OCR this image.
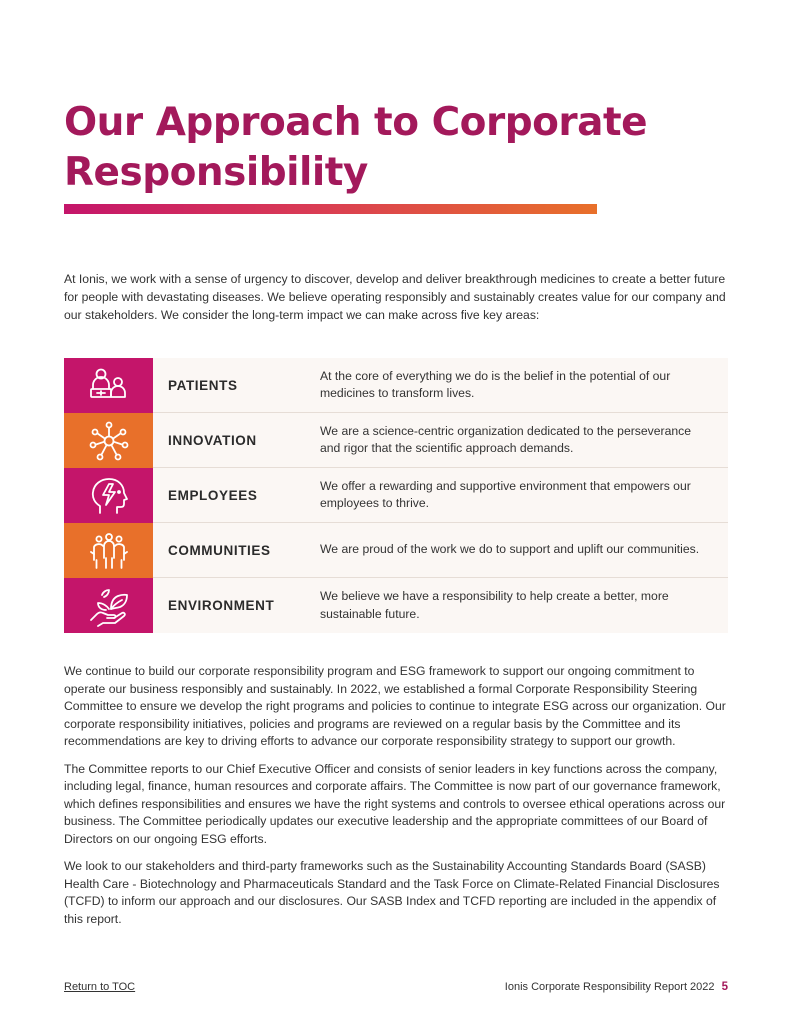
Our Approach to Corporate Responsibility

At Ionis, we work with a sense of urgency to discover, develop and deliver breakthrough medicines to create a better future for people with devastating diseases. We believe operating responsibly and sustainably creates value for our company and our stakeholders. We consider the long-term impact we can make across five key areas:

PATIENTS
At the core of everything we do is the belief in the potential of our medicines to transform lives.
INNOVATION
We are a science-centric organization dedicated to the perseverance and rigor that the scientific approach demands.
EMPLOYEES
We offer a rewarding and supportive environment that empowers our employees to thrive.
COMMUNITIES	We are proud of the work we do to support and uplift our communities.
ENVIRONMENT
We believe we have a responsibility to help create a better, more sustainable future.

We continue to build our corporate responsibility program and ESG framework to support our ongoing commitment to operate our business responsibly and sustainably. In 2022, we established a formal Corporate Responsibility Steering Committee to ensure we develop the right programs and policies to continue to integrate ESG across our organization. Our corporate responsibility initiatives, policies and programs are reviewed on a regular basis by the Committee and its recommendations are key to driving efforts to advance our corporate responsibility strategy to support our growth.

The Committee reports to our Chief Executive Officer and consists of senior leaders in key functions across the company, including legal, finance, human resources and corporate affairs. The Committee is now part of our governance framework, which defines responsibilities and ensures we have the right systems and controls to oversee ethical operations across our business. The Committee periodically updates our executive leadership and the appropriate committees of our Board of Directors on our ongoing ESG efforts.

We look to our stakeholders and third-party frameworks such as the Sustainability Accounting Standards Board (SASB) Health Care - Biotechnology and Pharmaceuticals Standard and the Task Force on Climate-Related Financial Disclosures (TCFD) to inform our approach and our disclosures. Our SASB Index and TCFD reporting are included in the appendix of this report.

Return to TOC	Ionis Corporate Responsibility Report 2022 5
